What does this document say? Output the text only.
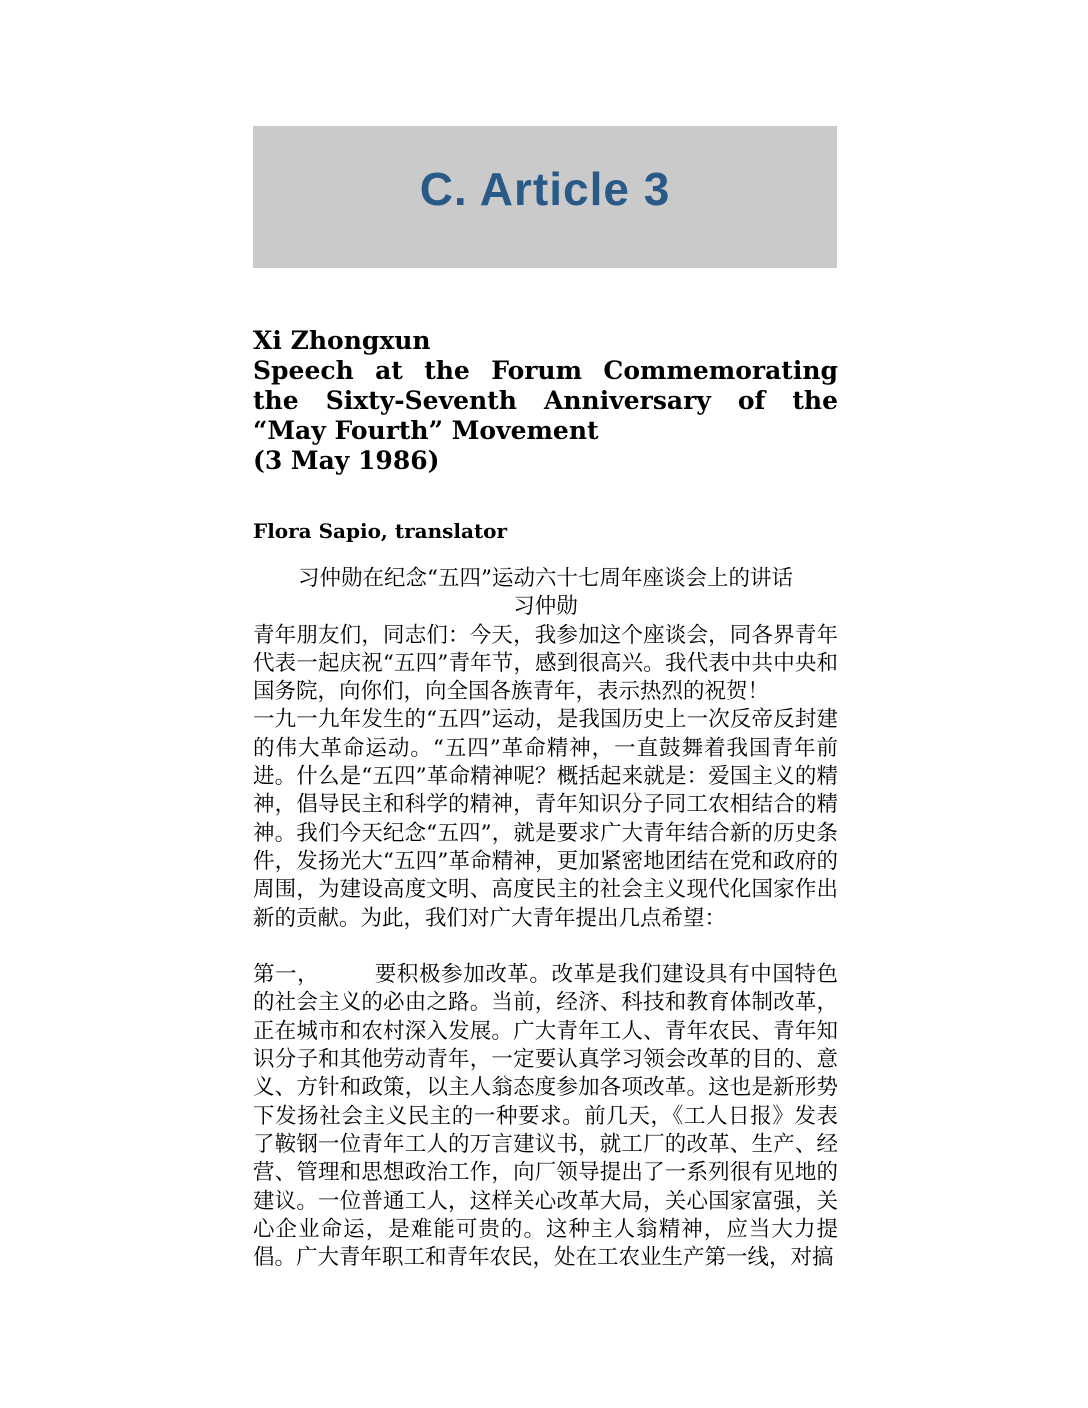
C. Article 3
Xi Zhongxun
Speech at the Forum Commemorating the Sixty-Seventh Anniversary of the “May Fourth” Movement
(3 May 1986)
Flora Sapio, translator
习仲勋在纪念“五四”运动六十七周年座谈会上的讲话
习仲勋

青年朋友们，同志们：今天，我参加这个座谈会，同各界青年代表一起庆祝“五四”青年节，感到很高兴。我代表中共中央和国务院，向你们，向全国各族青年，表示热烈的祝贺！

一九一九年发生的“五四”运动，是我国历史上一次反帝反封建的伟大革命运动。“五四”革命精神，一直鼓舞着我国青年前进。什么是“五四”革命精神呢？概括起来就是：爱国主义的精神，倡导民主和科学的精神，青年知识分子同工农相结合的精神。我们今天纪念“五四”，就是要求广大青年结合新的历史条件，发扬光大“五四”革命精神，更加紧密地团结在党和政府的周围，为建设高度文明、高度民主的社会主义现代化国家作出新的贡献。为此，我们对广大青年提出几点希望：

第一，　　　要积极参加改革。改革是我们建设具有中国特色的社会主义的必由之路。当前，经济、科技和教育体制改革，正在城市和农村深入发展。广大青年工人、青年农民、青年知识分子和其他劳动青年，一定要认真学习领会改革的目的、意义、方针和政策，以主人翁态度参加各项改革。这也是新形势下发扬社会主义民主的一种要求。前几天，《工人日报》发表了鞍钢一位青年工人的万言建议书，就工厂的改革、生产、经营、管理和思想政治工作，向厂领导提出了一系列很有见地的建议。一位普通工人，这样关心改革大局，关心国家富强，关心企业命运，是难能可贵的。这种主人翁精神，应当大力提倡。广大青年职工和青年农民，处在工农业生产第一线，对搞
